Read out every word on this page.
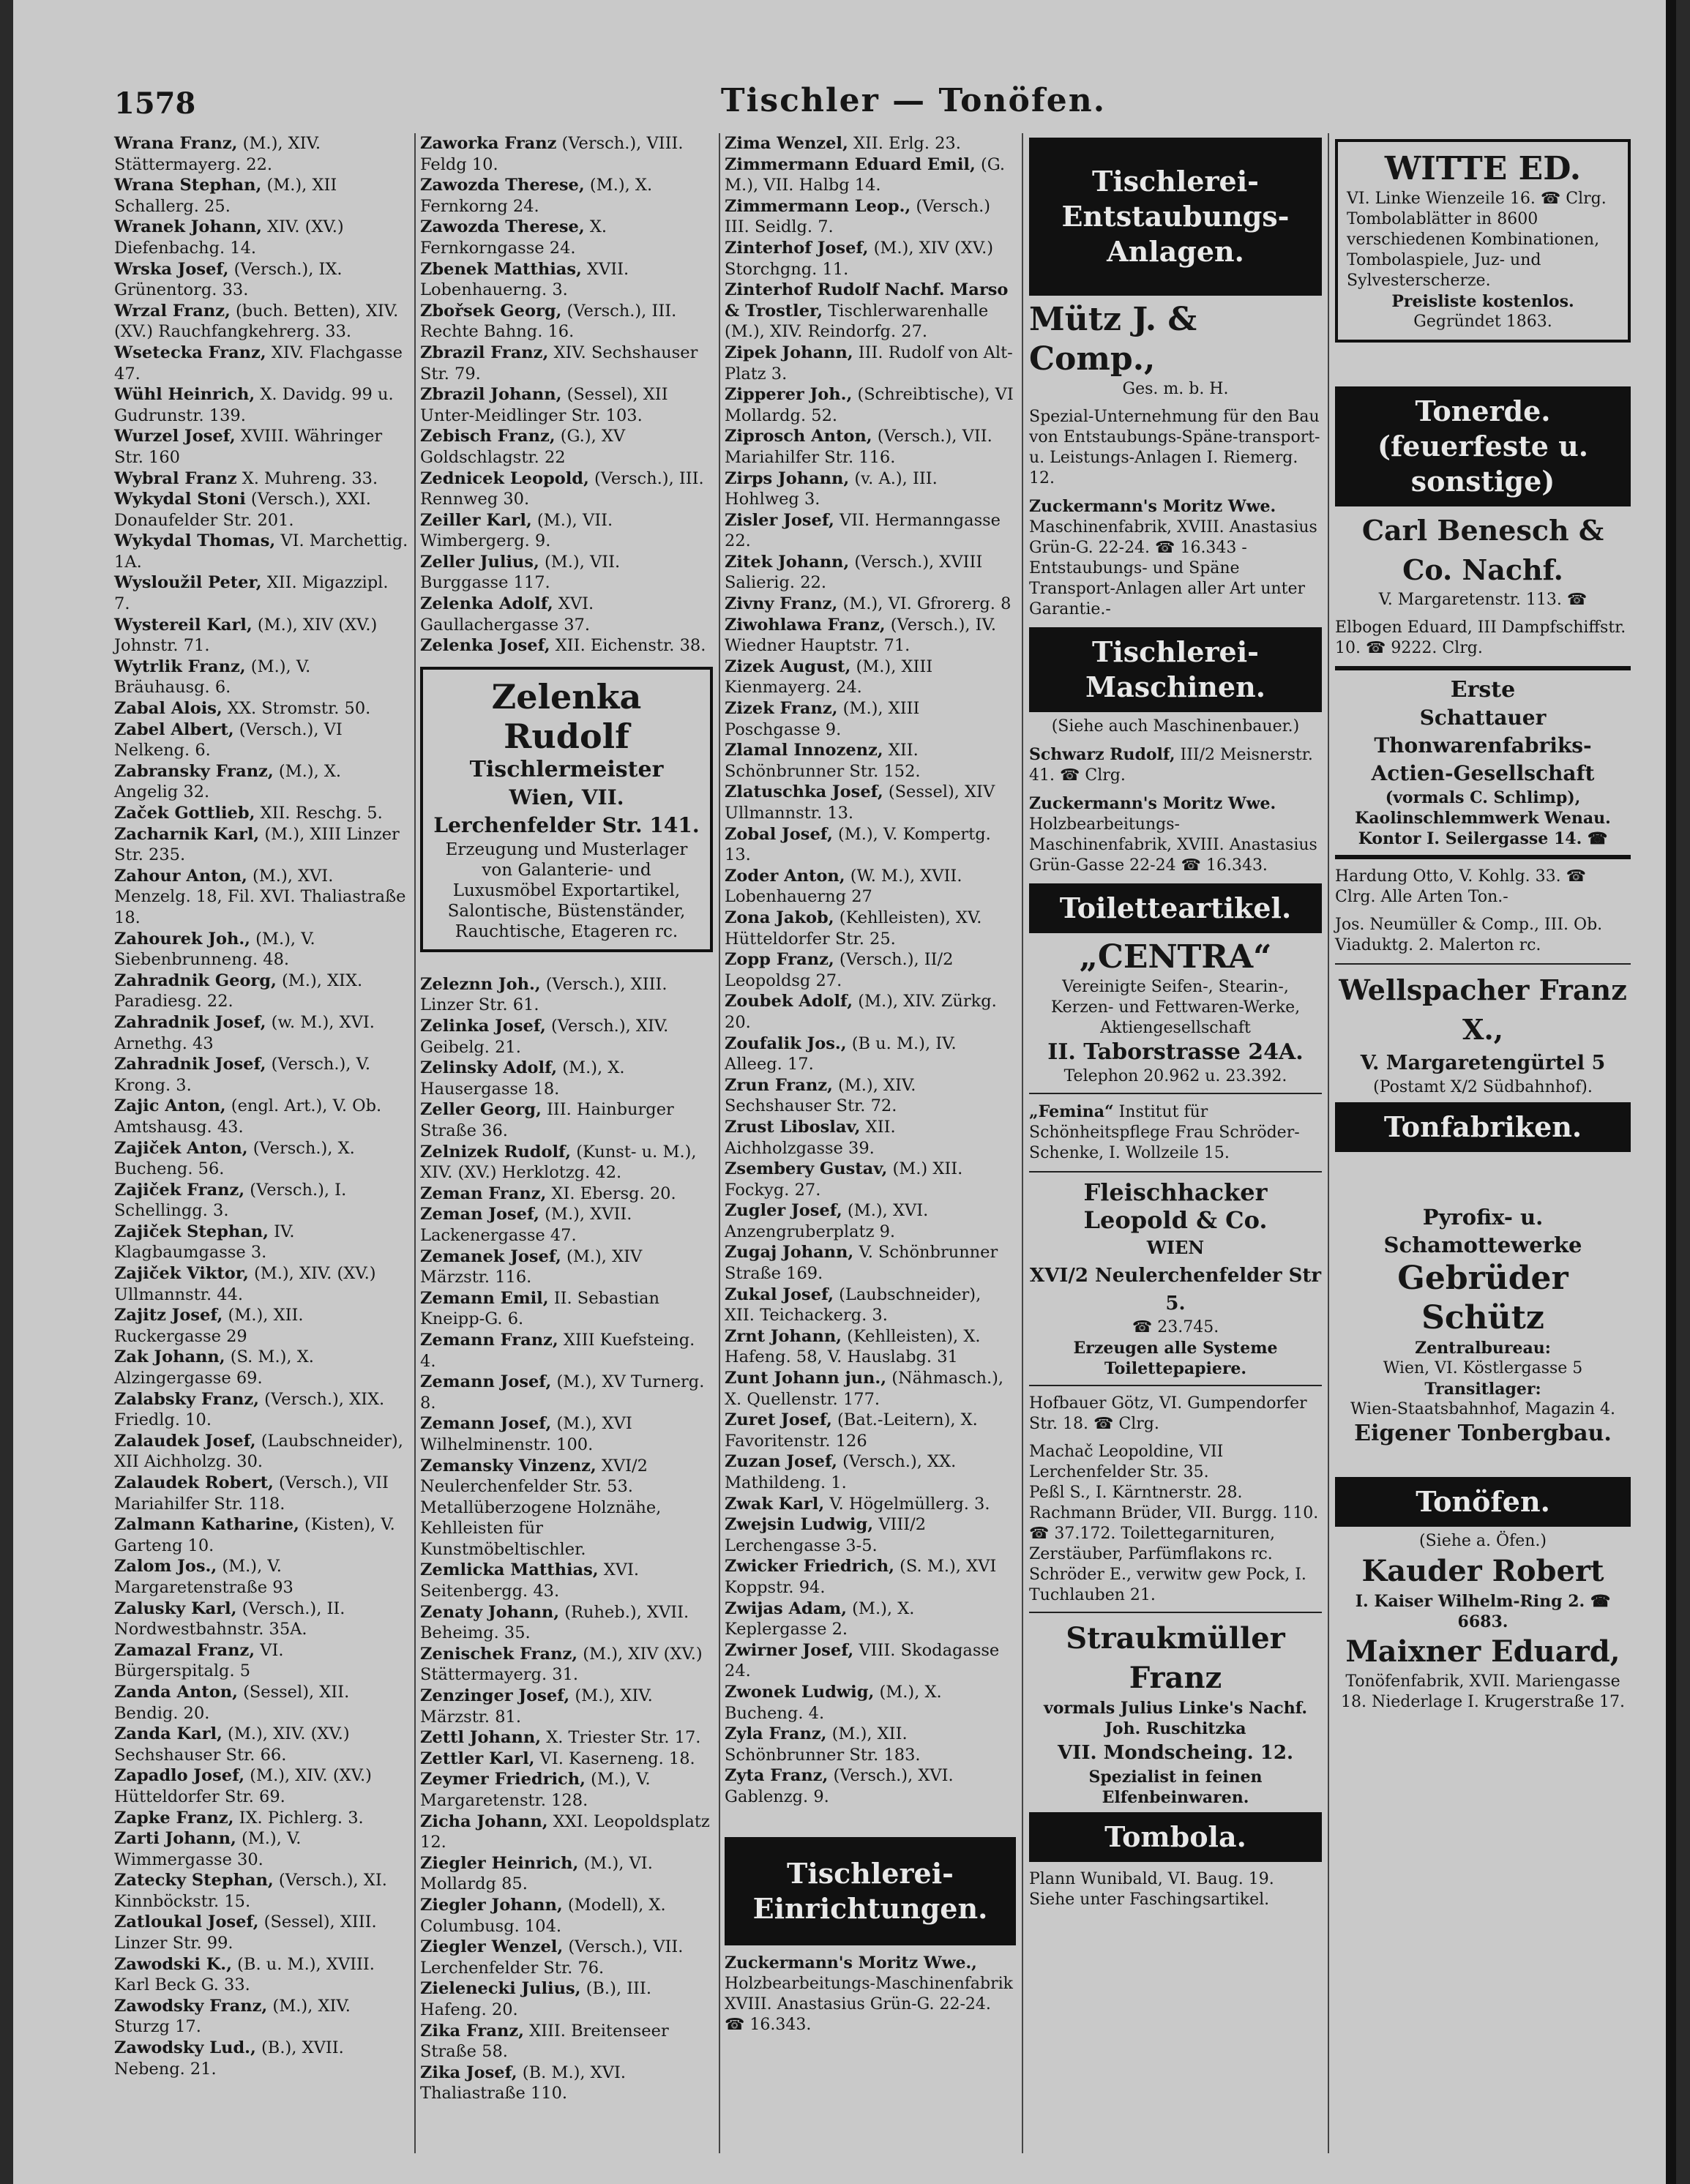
1578	Tischler — Tonöfen.
Wrana Franz, (M.), XIV. Stättermayerg. 22.
Wrana Stephan, (M.), XII Schallerg. 25.
Wranek Johann, XIV. (XV.) Diefenbachg. 14.
Wrska Josef, (Versch.), IX. Grünentorg. 33.
Wrzal Franz, (buch. Betten), XIV. (XV.) Rauchfangkehrerg. 33.
Wsetecka Franz, XIV. Flachgasse 47.
Wühl Heinrich, X. Davidg. 99 u. Gudrunstr. 139.
Wurzel Josef, XVIII. Währinger Str. 160
Wybral Franz X. Muhreng. 33.
Wykydal Stoni (Versch.), XXI. Donaufelder Str. 201.
Wykydal Thomas, VI. Marchettig. 1A.
Wysloužil Peter, XII. Migazzipl. 7.
Wystereil Karl, (M.), XIV (XV.) Johnstr. 71.
Wytrlik Franz, (M.), V. Bräuhausg. 6.
Zabal Alois, XX. Stromstr. 50.
Zabel Albert, (Versch.), VI Nelkeng. 6.
Zabransky Franz, (M.), X. Angelig 32.
Začek Gottlieb, XII. Reschg. 5.
Zacharnik Karl, (M.), XIII Linzer Str. 235.
Zahour Anton, (M.), XVI. Menzelg. 18, Fil. XVI. Thaliastraße 18.
Zahourek Joh., (M.), V. Siebenbrunneng. 48.
Zahradnik Georg, (M.), XIX. Paradiesg. 22.
Zahradnik Josef, (w. M.), XVI. Arnethg. 43
Zahradnik Josef, (Versch.), V. Krong. 3.
Zajic Anton, (engl. Art.), V. Ob. Amtshausg. 43.
Zajiček Anton, (Versch.), X. Bucheng. 56.
Zajiček Franz, (Versch.), I. Schellingg. 3.
Zajiček Stephan, IV. Klagbaumgasse 3.
Zajiček Viktor, (M.), XIV. (XV.) Ullmannstr. 44.
Zajitz Josef, (M.), XII. Ruckergasse 29
Zak Johann, (S. M.), X. Alzingergasse 69.
Zalabsky Franz, (Versch.), XIX. Friedlg. 10.
Zalaudek Josef, (Laubschneider), XII Aichholzg. 30.
Zalaudek Robert, (Versch.), VII Mariahilfer Str. 118.
Zalmann Katharine, (Kisten), V. Garteng 10.
Zalom Jos., (M.), V. Margaretenstraße 93
Zalusky Karl, (Versch.), II. Nordwestbahnstr. 35A.
Zamazal Franz, VI. Bürgerspitalg. 5
Zanda Anton, (Sessel), XII. Bendig. 20.
Zanda Karl, (M.), XIV. (XV.) Sechshauser Str. 66.
Zapadlo Josef, (M.), XIV. (XV.) Hütteldorfer Str. 69.
Zapke Franz, IX. Pichlerg. 3.
Zarti Johann, (M.), V. Wimmergasse 30.
Zatecky Stephan, (Versch.), XI. Kinnböckstr. 15.
Zatloukal Josef, (Sessel), XIII. Linzer Str. 99.
Zawodski K., (B. u. M.), XVIII. Karl Beck G. 33.
Zawodsky Franz, (M.), XIV. Sturzg 17.
Zawodsky Lud., (B.), XVII. Nebeng. 21.
Zaworka Franz (Versch.), VIII. Feldg 10.
Zawozda Therese, (M.), X. Fernkorng 24.
Zawozda Therese, X. Fernkorngasse 24.
Zbenek Matthias, XVII. Lobenhauerng. 3.
Zbořsek Georg, (Versch.), III. Rechte Bahng. 16.
Zbrazil Franz, XIV. Sechshauser Str. 79.
Zbrazil Johann, (Sessel), XII Unter-Meidlinger Str. 103.
Zebisch Franz, (G.), XV Goldschlagstr. 22
Zednicek Leopold, (Versch.), III. Rennweg 30.
Zeiller Karl, (M.), VII. Wimbergerg. 9.
Zeller Julius, (M.), VII. Burggasse 117.
Zelenka Adolf, XVI. Gaullachergasse 37.
Zelenka Josef, XII. Eichenstr. 38.
Zelenka Rudolf
Tischlermeister
Wien, VII. Lerchenfelder Str. 141.
Erzeugung und Musterlager von Galanterie- und Luxusmöbel Exportartikel, Salontische, Büstenständer, Rauchtische, Etageren rc.
Zeleznn Joh., (Versch.), XIII. Linzer Str. 61.
Zelinka Josef, (Versch.), XIV. Geibelg. 21.
Zelinsky Adolf, (M.), X. Hausergasse 18.
Zeller Georg, III. Hainburger Straße 36.
Zelnizek Rudolf, (Kunst- u. M.), XIV. (XV.) Herklotzg. 42.
Zeman Franz, XI. Ebersg. 20.
Zeman Josef, (M.), XVII. Lackenergasse 47.
Zemanek Josef, (M.), XIV Märzstr. 116.
Zemann Emil, II. Sebastian Kneipp-G. 6.
Zemann Franz, XIII Kuefsteing. 4.
Zemann Josef, (M.), XV Turnerg. 8.
Zemann Josef, (M.), XVI Wilhelminenstr. 100.
Zemansky Vinzenz, XVI/2 Neulerchenfelder Str. 53. Metallüberzogene Holznähe, Kehlleisten für Kunstmöbeltischler.
Zemlicka Matthias, XVI. Seitenbergg. 43.
Zenaty Johann, (Ruheb.), XVII. Beheimg. 35.
Zenischek Franz, (M.), XIV (XV.) Stättermayerg. 31.
Zenzinger Josef, (M.), XIV. Märzstr. 81.
Zettl Johann, X. Triester Str. 17.
Zettler Karl, VI. Kaserneng. 18.
Zeymer Friedrich, (M.), V. Margaretenstr. 128.
Zicha Johann, XXI. Leopoldsplatz 12.
Ziegler Heinrich, (M.), VI. Mollardg 85.
Ziegler Johann, (Modell), X. Columbusg. 104.
Ziegler Wenzel, (Versch.), VII. Lerchenfelder Str. 76.
Zielenecki Julius, (B.), III. Hafeng. 20.
Zika Franz, XIII. Breitenseer Straße 58.
Zika Josef, (B. M.), XVI. Thaliastraße 110.
Zima Wenzel, XII. Erlg. 23.
Zimmermann Eduard Emil, (G. M.), VII. Halbg 14.
Zimmermann Leop., (Versch.) III. Seidlg. 7.
Zinterhof Josef, (M.), XIV (XV.) Storchgng. 11.
Zinterhof Rudolf Nachf. Marso & Trostler, Tischlerwarenhalle (M.), XIV. Reindorfg. 27.
Zipek Johann, III. Rudolf von Alt-Platz 3.
Zipperer Joh., (Schreibtische), VI Mollardg. 52.
Ziprosch Anton, (Versch.), VII. Mariahilfer Str. 116.
Zirps Johann, (v. A.), III. Hohlweg 3.
Zisler Josef, VII. Hermanngasse 22.
Zitek Johann, (Versch.), XVIII Salierig. 22.
Zivny Franz, (M.), VI. Gfrorerg. 8
Ziwohlawa Franz, (Versch.), IV. Wiedner Hauptstr. 71.
Zizek August, (M.), XIII Kienmayerg. 24.
Zizek Franz, (M.), XIII Poschgasse 9.
Zlamal Innozenz, XII. Schönbrunner Str. 152.
Zlatuschka Josef, (Sessel), XIV Ullmannstr. 13.
Zobal Josef, (M.), V. Kompertg. 13.
Zoder Anton, (W. M.), XVII. Lobenhauerng 27
Zona Jakob, (Kehlleisten), XV. Hütteldorfer Str. 25.
Zopp Franz, (Versch.), II/2 Leopoldsg 27.
Zoubek Adolf, (M.), XIV. Zürkg. 20.
Zoufalik Jos., (B u. M.), IV. Alleeg. 17.
Zrun Franz, (M.), XIV. Sechshauser Str. 72.
Zrust Liboslav, XII. Aichholzgasse 39.
Zsembery Gustav, (M.) XII. Fockyg. 27.
Zugler Josef, (M.), XVI. Anzengruberplatz 9.
Zugaj Johann, V. Schönbrunner Straße 169.
Zukal Josef, (Laubschneider), XII. Teichackerg. 3.
Zrnt Johann, (Kehlleisten), X. Hafeng. 58, V. Hauslabg. 31
Zunt Johann jun., (Nähmasch.), X. Quellenstr. 177.
Zuret Josef, (Bat.-Leitern), X. Favoritenstr. 126
Zuzan Josef, (Versch.), XX. Mathildeng. 1.
Zwak Karl, V. Högelmüllerg. 3.
Zwejsin Ludwig, VIII/2 Lerchengasse 3-5.
Zwicker Friedrich, (S. M.), XVI Koppstr. 94.
Zwijas Adam, (M.), X. Keplergasse 2.
Zwirner Josef, VIII. Skodagasse 24.
Zwonek Ludwig, (M.), X. Bucheng. 4.
Zyla Franz, (M.), XII. Schönbrunner Str. 183.
Zyta Franz, (Versch.), XVI. Gablenzg. 9.
Tischlerei-Einrichtungen.
Zuckermann's Moritz Wwe., Holzbearbeitungs-Maschinenfabrik XVIII. Anastasius Grün-G. 22-24. ☎ 16.343.
Tischlerei-Entstaubungs-Anlagen.
Mütz J. & Comp.,
Ges. m. b. H.
Spezial-Unternehmung für den Bau von Entstaubungs-Späne-transport- u. Leistungs-Anlagen I. Riemerg. 12.
Zuckermann's Moritz Wwe. Maschinenfabrik, XVIII. Anastasius Grün-G. 22-24. ☎ 16.343 -Entstaubungs- und Späne Transport-Anlagen aller Art unter Garantie.-
Tischlerei-Maschinen.
(Siehe auch Maschinenbauer.)
Schwarz Rudolf, III/2 Meisnerstr. 41. ☎ Clrg.
Zuckermann's Moritz Wwe. Holzbearbeitungs-Maschinenfabrik, XVIII. Anastasius Grün-Gasse 22-24 ☎ 16.343.
Toiletteartikel.
„CENTRA“
Vereinigte Seifen-, Stearin-, Kerzen- und Fettwaren-Werke, Aktiengesellschaft
II. Taborstrasse 24A.
Telephon 20.962 u. 23.392.
„Femina“ Institut für Schönheitspflege Frau Schröder-Schenke, I. Wollzeile 15.
Fleischhacker Leopold & Co.
WIEN
XVI/2 Neulerchenfelder Str 5.
☎ 23.745.
Erzeugen alle Systeme Toilettepapiere.
Hofbauer Götz, VI. Gumpendorfer Str. 18. ☎ Clrg.
Machač Leopoldine, VII Lerchenfelder Str. 35.
Peßl S., I. Kärntnerstr. 28.
Rachmann Brüder, VII. Burgg. 110. ☎ 37.172. Toilettegarnituren, Zerstäuber, Parfümflakons rc.
Schröder E., verwitw gew Pock, I. Tuchlauben 21.
Straukmüller Franz
vormals Julius Linke's Nachf. Joh. Ruschitzka
VII. Mondscheing. 12.
Spezialist in feinen Elfenbeinwaren.
Tombola.
Plann Wunibald, VI. Baug. 19. Siehe unter Faschingsartikel.
WITTE ED.
VI. Linke Wienzeile 16. ☎ Clrg. Tombolablätter in 8600 verschiedenen Kombinationen, Tombolaspiele, Juz- und Sylvesterscherze.
Preisliste kostenlos.
Gegründet 1863.
Tonerde. (feuerfeste u. sonstige)
Carl Benesch & Co. Nachf.
V. Margaretenstr. 113. ☎
Elbogen Eduard, III Dampfschiffstr. 10. ☎ 9222. Clrg.
Erste
Schattauer Thonwarenfabriks-Actien-Gesellschaft
(vormals C. Schlimp), Kaolinschlemmwerk Wenau. Kontor I. Seilergasse 14. ☎
Hardung Otto, V. Kohlg. 33. ☎ Clrg. Alle Arten Ton.-
Jos. Neumüller & Comp., III. Ob. Viaduktg. 2. Malerton rc.
Wellspacher Franz X.,
V. Margaretengürtel 5
(Postamt X/2 Südbahnhof).
Tonfabriken.
Pyrofix- u. Schamottewerke
Gebrüder Schütz
Zentralbureau:
Wien, VI. Köstlergasse 5
Transitlager:
Wien-Staatsbahnhof, Magazin 4.
Eigener Tonbergbau.
Tonöfen.
(Siehe a. Öfen.)
Kauder Robert
I. Kaiser Wilhelm-Ring 2. ☎ 6683.
Maixner Eduard,
Tonöfenfabrik, XVII. Mariengasse 18. Niederlage I. Krugerstraße 17.
